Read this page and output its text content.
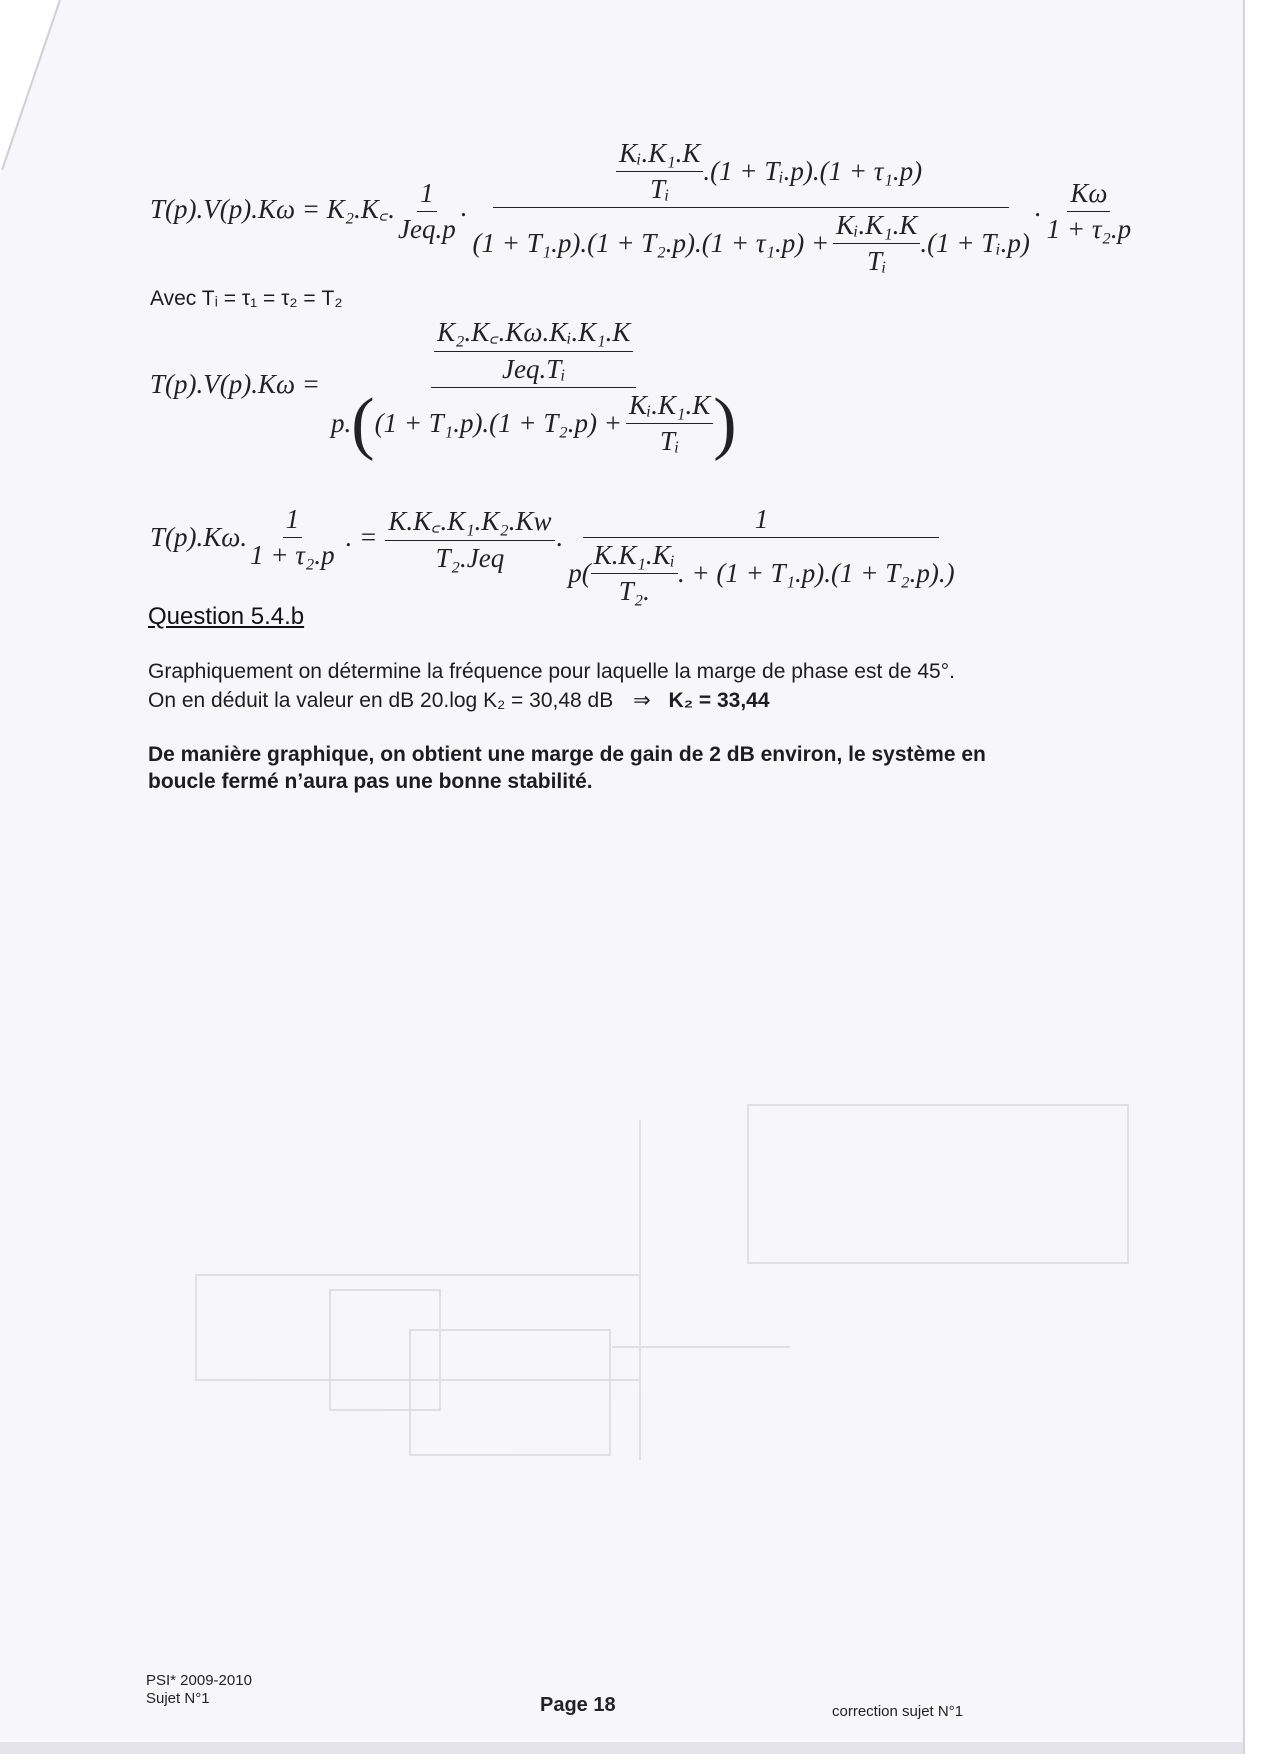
T(p).V(p).Kω = K₂.K꜀. $\frac{1}{\text{Jeq.p}}$ .
$\frac{\text{Kᵢ.K₁.K}}{\text{Tᵢ}} .(1$ + Tᵢ.p).(1 + τ₁.p)
$(1 + T_1.p).(1 + T_2.p).(1 + \tau_1.p) + \frac{\text{Kᵢ.K₁.K}}{\text{Tᵢ}} .(1$ + Tᵢ.p)
. $\frac{K\omega}{\text{1 + τ₂.p}}$
Avec Tᵢ = τ₁ = τ₂ = T₂
T(p).V(p).Kω =	$\frac{\text{K₂.K꜀.Kω.Kᵢ.K₁.K}}{\text{Jeq.Tᵢ}}$
p. ( $(1 + T_1.p).(1 + T_2.p) + \frac{\text{Kᵢ.K₁.K}}{\text{Tᵢ}}$ )
T(p).Kω. $\frac{1}{\text{1 + τ₂.p}}$ . = $\frac{\text{K.K꜀.K₁.K₂.Kw}}{\text{T₂.Jeq}}$ .
1
$p( \frac{\text{K.K₁.Kᵢ}}{\text{T₂.}}$ . + (1 + T₁.p).(1 + T₂.p).)
Question 5.4.b
Graphiquement on détermine la fréquence pour laquelle la marge de phase est de 45°.
On en déduit la valeur en dB 20.log K₂ = 30,48 dB ⇒ K₂ = 33,44
De manière graphique, on obtient une marge de gain de 2 dB environ, le système en
boucle fermé n’aura pas une bonne stabilité.
PSI* 2009-2010
Sujet N°1	Page 18	correction sujet N°1
